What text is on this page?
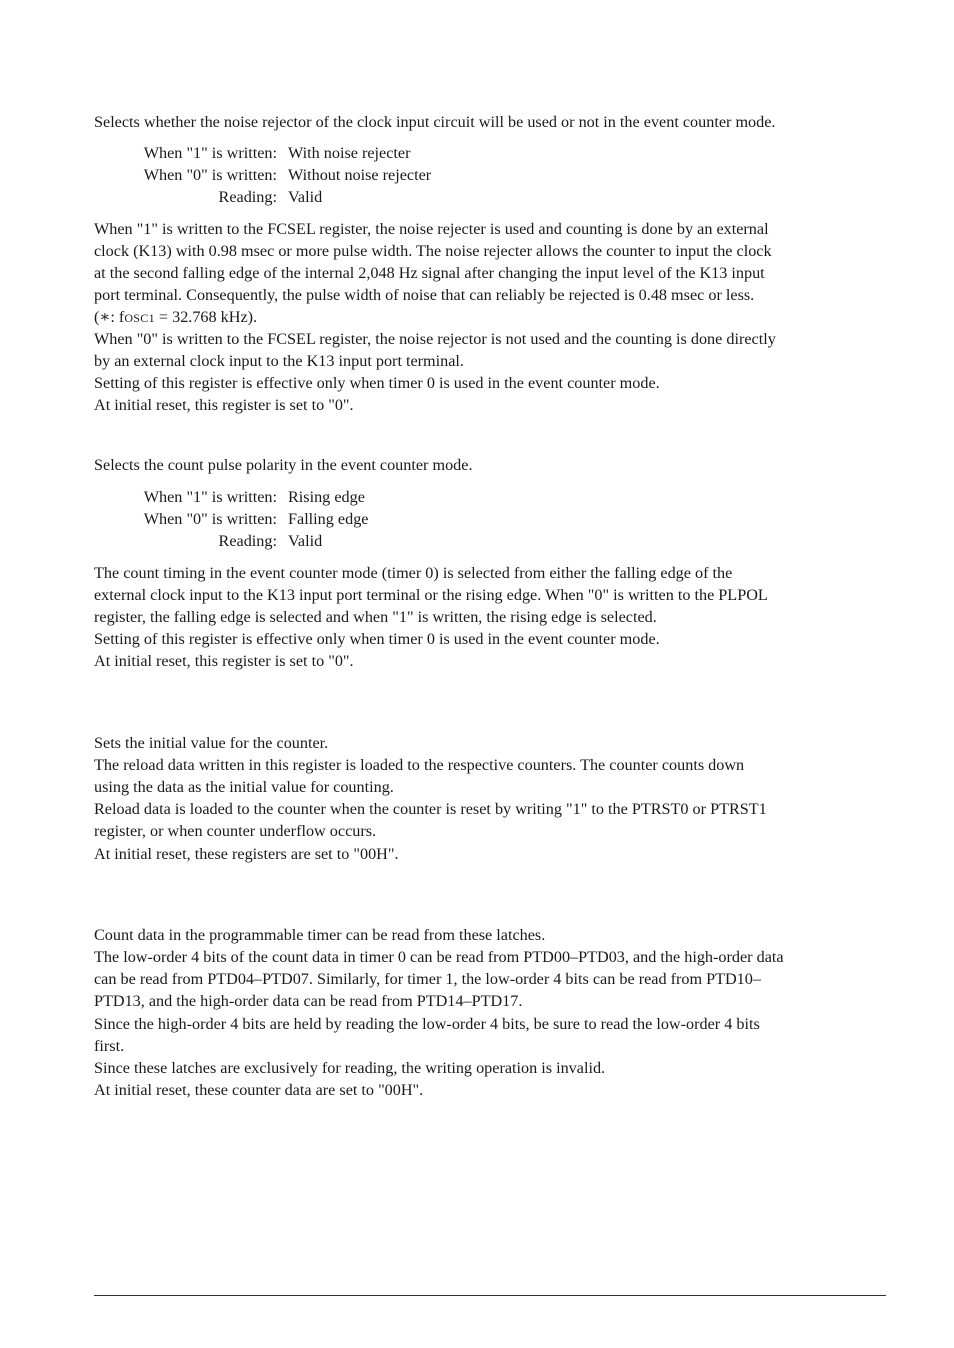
Selects whether the noise rejector of the clock input circuit will be used or not in the event counter mode.
When "1" is written: With noise rejecter
When "0" is written: Without noise rejecter
Reading: Valid
When "1" is written to the FCSEL register, the noise rejecter is used and counting is done by an external
clock (K13) with 0.98 msec or more pulse width. The noise rejecter allows the counter to input the clock
at the second falling edge of the internal 2,048 Hz signal after changing the input level of the K13 input
port terminal. Consequently, the pulse width of noise that can reliably be rejected is 0.48 msec or less.
(∗: fOSC1 = 32.768 kHz).
When "0" is written to the FCSEL register, the noise rejector is not used and the counting is done directly
by an external clock input to the K13 input port terminal.
Setting of this register is effective only when timer 0 is used in the event counter mode.
At initial reset, this register is set to "0".
Selects the count pulse polarity in the event counter mode.
When "1" is written: Rising edge
When "0" is written: Falling edge
Reading: Valid
The count timing in the event counter mode (timer 0) is selected from either the falling edge of the
external clock input to the K13 input port terminal or the rising edge. When "0" is written to the PLPOL
register, the falling edge is selected and when "1" is written, the rising edge is selected.
Setting of this register is effective only when timer 0 is used in the event counter mode.
At initial reset, this register is set to "0".
Sets the initial value for the counter.
The reload data written in this register is loaded to the respective counters. The counter counts down
using the data as the initial value for counting.
Reload data is loaded to the counter when the counter is reset by writing "1" to the PTRST0 or PTRST1
register, or when counter underflow occurs.
At initial reset, these registers are set to "00H".
Count data in the programmable timer can be read from these latches.
The low-order 4 bits of the count data in timer 0 can be read from PTD00–PTD03, and the high-order data
can be read from PTD04–PTD07. Similarly, for timer 1, the low-order 4 bits can be read from PTD10–
PTD13, and the high-order data can be read from PTD14–PTD17.
Since the high-order 4 bits are held by reading the low-order 4 bits, be sure to read the low-order 4 bits
first.
Since these latches are exclusively for reading, the writing operation is invalid.
At initial reset, these counter data are set to "00H".
